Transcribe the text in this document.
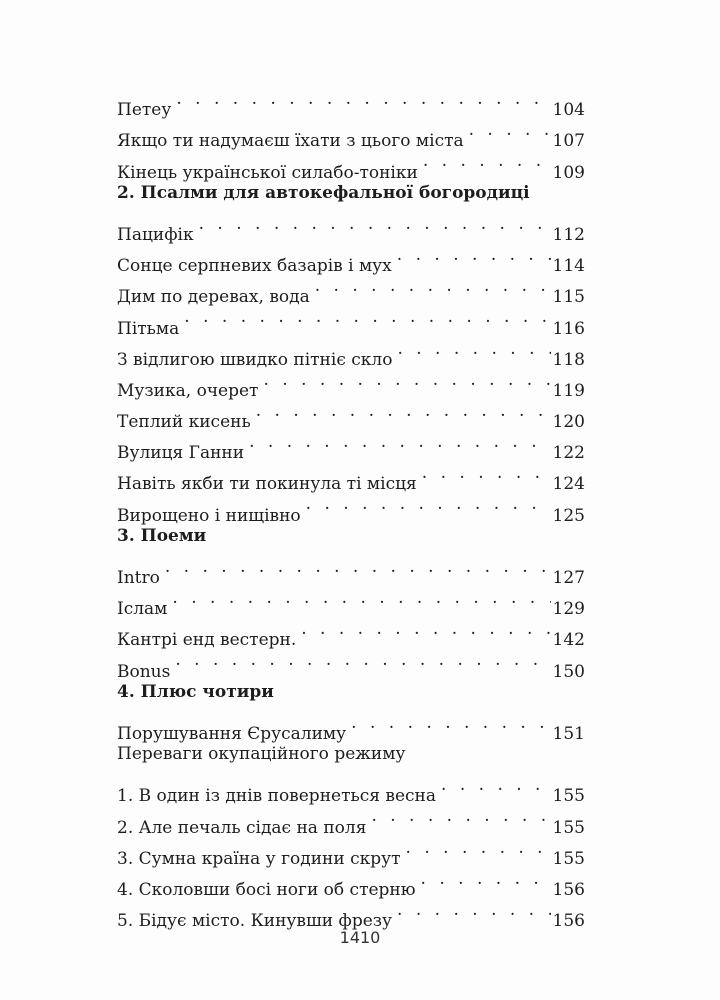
Петеу . . .	104
Якщо ти надумаєш їхати з цього міста . . .	107
Кінець української силабо-тоніки . . .	109
2. Псалми для автокефальної богородиці
Пацифік . . .	112
Сонце серпневих базарів і мух . . .	114
Дим по деревах, вода . . .	115
Пітьма . . .	116
З відлигою швидко пітніє скло . . .	118
Музика, очерет . . .	119
Теплий кисень . . .	120
Вулиця Ганни . . .	122
Навіть якби ти покинула ті місця . . .	124
Вирощено і нищівно . . .	125
3. Поеми
Intro . . .	127
Іслам . . .	129
Кантрі енд вестерн. . . .	142
Bonus . . .	150
4. Плюс чотири
Порушування Єрусалиму . . .	151
Переваги окупаційного режиму
1. В один із днів повернеться весна . . .	155
2. Але печаль сідає на поля . . .	155
3. Сумна країна у години скрут . . .	155
4. Сколовши босі ноги об стерню . . .	156
5. Бідує місто. Кинувши фрезу . . .	156
1410
